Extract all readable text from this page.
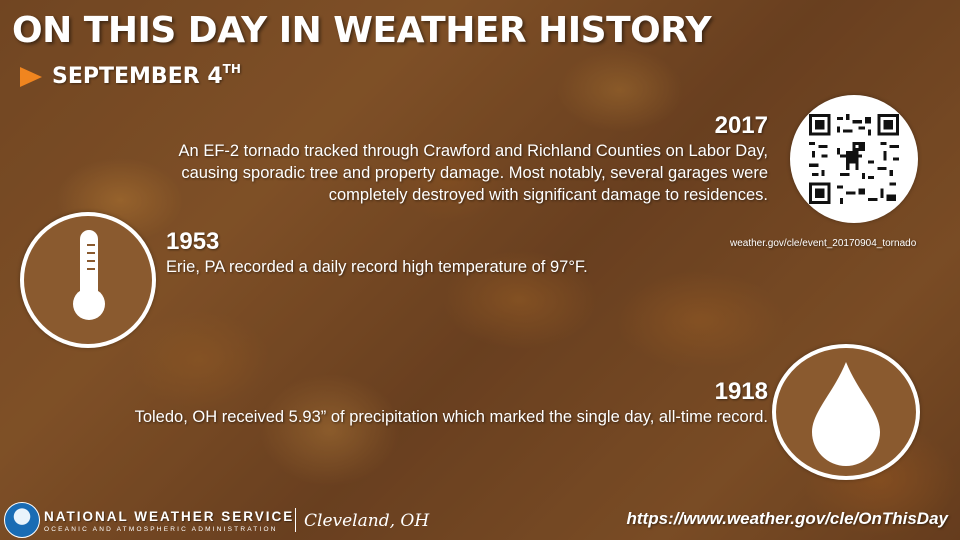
ON THIS DAY IN WEATHER HISTORY
SEPTEMBER 4TH
2017
An EF-2 tornado tracked through Crawford and Richland Counties on Labor Day, causing sporadic tree and property damage. Most notably, several garages were completely destroyed with significant damage to residences.
weather.gov/cle/event_20170904_tornado
1953
Erie, PA recorded a daily record high temperature of 97°F.
1918
Toledo, OH received 5.93” of precipitation which marked the single day, all-time record.
NATIONAL WEATHER SERVICE
OCEANIC AND ATMOSPHERIC ADMINISTRATION Cleveland, OH	https://www.weather.gov/cle/OnThisDay
